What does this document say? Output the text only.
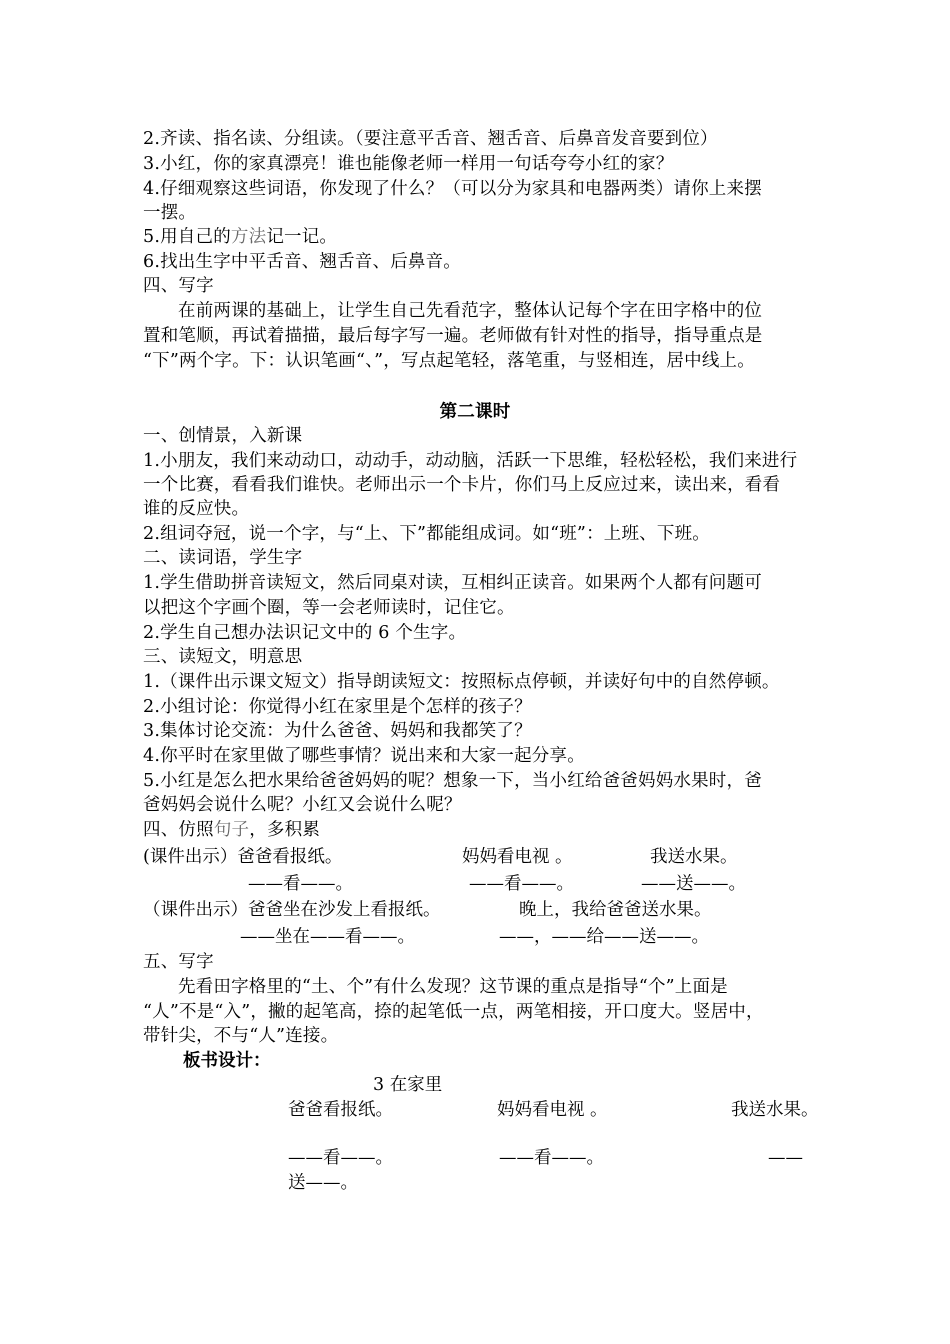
2.齐读、指名读、分组读。（要注意平舌音、翘舌音、后鼻音发音要到位）
3.小红，你的家真漂亮！谁也能像老师一样用一句话夸夸小红的家？
4.仔细观察这些词语，你发现了什么？（可以分为家具和电器两类）请你上来摆
一摆。
5.用自己的方法记一记。
6.找出生字中平舌音、翘舌音、后鼻音。
四、写字
在前两课的基础上，让学生自己先看范字，整体认记每个字在田字格中的位
置和笔顺，再试着描描，最后每字写一遍。老师做有针对性的指导，指导重点是
“下”两个字。下：认识笔画“、”，写点起笔轻，落笔重，与竖相连，居中线上。
第二课时
一、创情景，入新课
1.小朋友，我们来动动口，动动手，动动脑，活跃一下思维，轻松轻松，我们来进行
一个比赛，看看我们谁快。老师出示一个卡片，你们马上反应过来，读出来，看看
谁的反应快。
2.组词夺冠，说一个字，与“上、下”都能组成词。如“班”：上班、下班。
二、读词语，学生字
1.学生借助拼音读短文，然后同桌对读，互相纠正读音。如果两个人都有问题可
以把这个字画个圈，等一会老师读时，记住它。
2.学生自己想办法识记文中的 6 个生字。
三、读短文，明意思
1.（课件出示课文短文）指导朗读短文：按照标点停顿，并读好句中的自然停顿。
2.小组讨论：你觉得小红在家里是个怎样的孩子？
3.集体讨论交流：为什么爸爸、妈妈和我都笑了？
4.你平时在家里做了哪些事情？说出来和大家一起分享。
5.小红是怎么把水果给爸爸妈妈的呢？想象一下，当小红给爸爸妈妈水果时，爸
爸妈妈会说什么呢？小红又会说什么呢？
四、仿照句子，多积累
(课件出示）爸爸看报纸。	妈妈看电视 。	我送水果。
——看——。	——看——。	——送——。
（课件出示）爸爸坐在沙发上看报纸。	晚上，我给爸爸送水果。
——坐在——看——。	——，——给——送——。
五、写字
先看田字格里的“土、个”有什么发现？这节课的重点是指导“个”上面是
“人”不是“入”，撇的起笔高，捺的起笔低一点，两笔相接，开口度大。竖居中，
带针尖，不与“人”连接。
板书设计：
3 在家里
爸爸看报纸。	妈妈看电视 。	我送水果。
——看——。	——看——。	——
送——。
